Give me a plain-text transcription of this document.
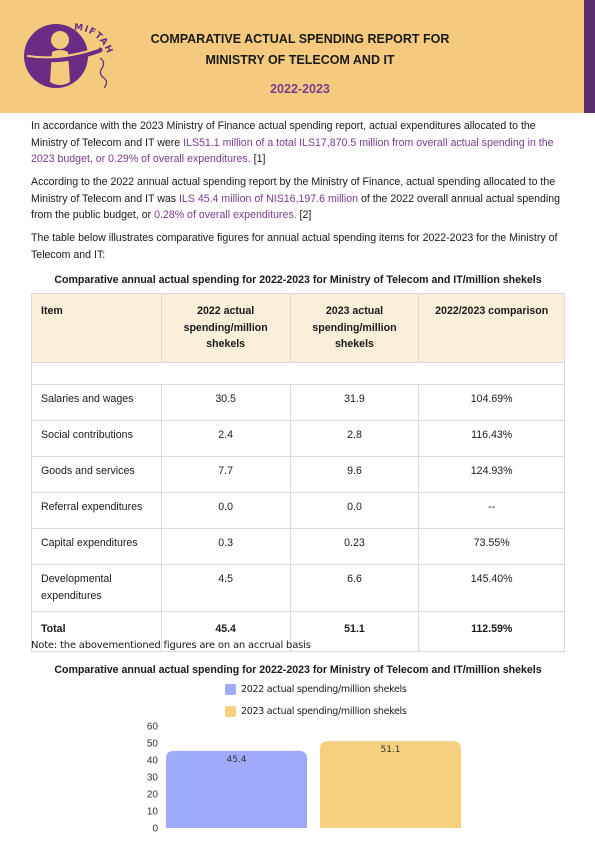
MIFTAH
COMPARATIVE ACTUAL SPENDING REPORT FOR
MINISTRY OF TELECOM AND IT
2022-2023

In accordance with the 2023 Ministry of Finance actual spending report, actual expenditures allocated to the Ministry of Telecom and IT were ILS51.1 million of a total ILS17,870.5 million from overall actual spending in the 2023 budget, or 0.29% of overall expenditures. [1]

According to the 2022 annual actual spending report by the Ministry of Finance, actual spending allocated to the Ministry of Telecom and IT was ILS 45.4 million of NIS16,197.6 million of the 2022 overall annual actual spending from the public budget, or 0.28% of overall expenditures. [2]

The table below illustrates comparative figures for annual actual spending items for 2022-2023 for the Ministry of Telecom and IT:

Comparative annual actual spending for 2022-2023 for Ministry of Telecom and IT/million shekels
Item	2022 actual spending/million shekels	2023 actual spending/million shekels	2022/2023 comparison

Salaries and wages	30.5	31.9	104.69%
Social contributions	2.4	2.8	116.43%
Goods and services	7.7	9.6	124.93%
Referral expenditures	0.0	0.0	--
Capital expenditures	0.3	0.23	73.55%
Developmental expenditures	4.5	6.6	145.40%
Total	45.4	51.1	112.59%
Note: the abovementioned figures are on an accrual basis
Comparative annual actual spending for 2022-2023 for Ministry of Telecom and IT/million shekels
2022 actual spending/million shekels
2023 actual spending/million shekels
0
10
20
30
40
50
60
45.4
51.1
